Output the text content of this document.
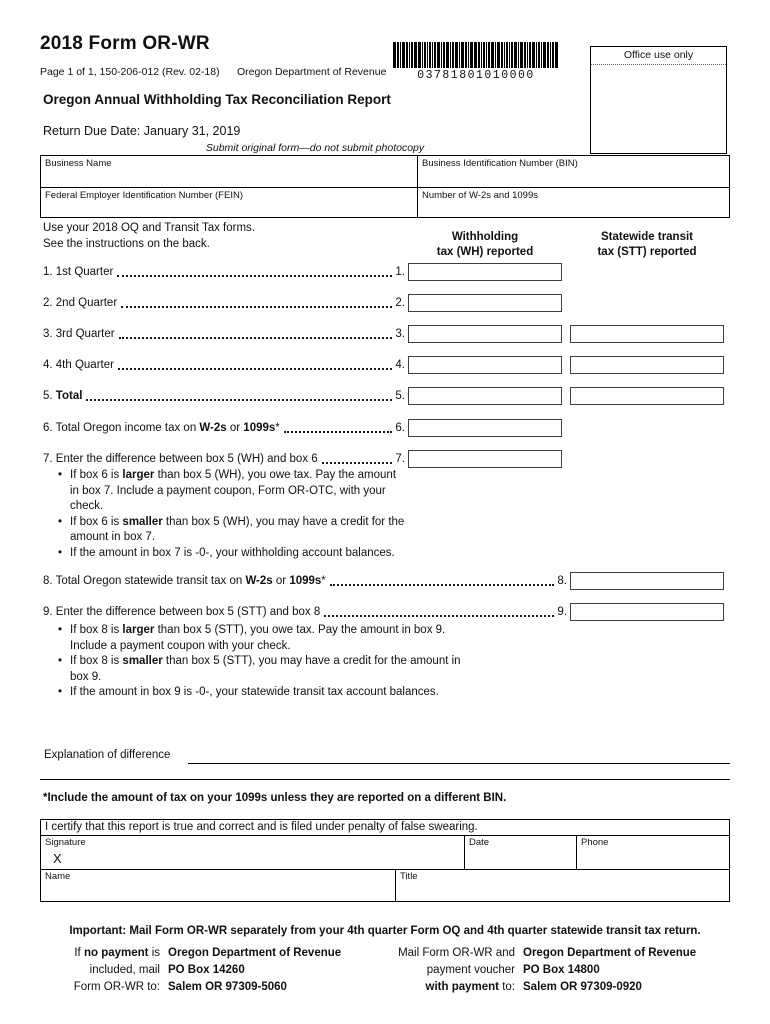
2018 Form OR-WR
Page 1 of 1, 150-206-012 (Rev. 02-18) Oregon Department of Revenue	03781801010000
Office use only
Oregon Annual Withholding Tax Reconciliation Report
Return Due Date: January 31, 2019
Submit original form—do not submit photocopy
Business Name	Business Identification Number (BIN)
Federal Employer Identification Number (FEIN)	Number of W-2s and 1099s
Use your 2018 OQ and Transit Tax forms.
See the instructions on the back.
Withholding
tax (WH) reported
Statewide transit
tax (STT) reported
1. 1st Quarter	1.
2. 2nd Quarter	2.
3. 3rd Quarter	3.
4. 4th Quarter	4.
5. Total	5.
6. Total Oregon income tax on W-2s or 1099s*	6.
7. Enter the difference between box 5 (WH) and box 6	7.
• If box 6 is larger than box 5 (WH), you owe tax. Pay the amount in box 7. Include a payment coupon, Form OR-OTC, with your check.
• If box 6 is smaller than box 5 (WH), you may have a credit for the amount in box 7.
• If the amount in box 7 is -0-, your withholding account balances.
8. Total Oregon statewide transit tax on W-2s or 1099s*	8.
9. Enter the difference between box 5 (STT) and box 8	9.
• If box 8 is larger than box 5 (STT), you owe tax. Pay the amount in box 9. Include a payment coupon with your check.
• If box 8 is smaller than box 5 (STT), you may have a credit for the amount in box 9.
• If the amount in box 9 is -0-, your statewide transit tax account balances.
Explanation of difference
*Include the amount of tax on your 1099s unless they are reported on a different BIN.
I certify that this report is true and correct and is filed under penalty of false swearing.
Signature
X
Date	Phone
Name	Title
Important: Mail Form OR-WR separately from your 4th quarter Form OQ and 4th quarter statewide transit tax return.
If no payment is
included, mail
Form OR-WR to:
Oregon Department of Revenue
PO Box 14260
Salem OR 97309-5060
Mail Form OR-WR and
payment voucher
with payment to:
Oregon Department of Revenue
PO Box 14800
Salem OR 97309-0920
